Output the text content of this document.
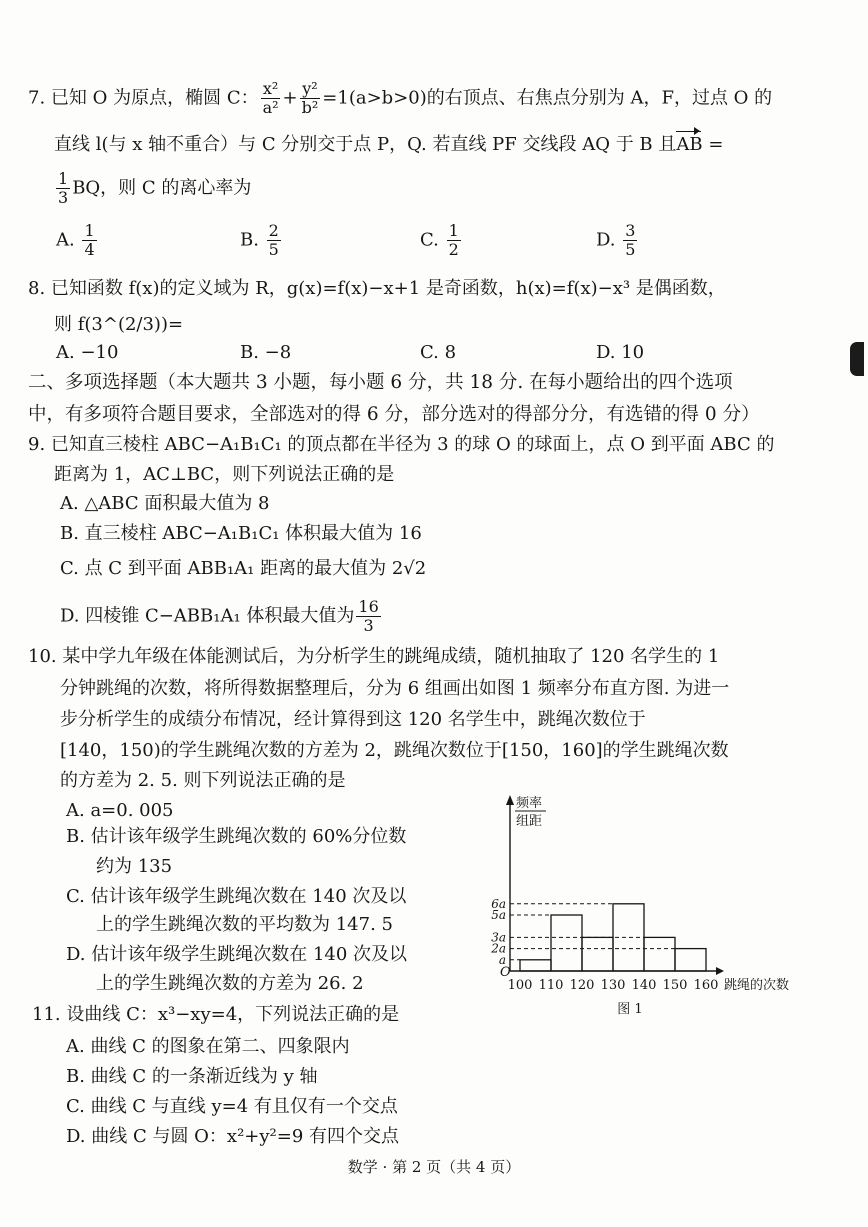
7. 已知 O 为原点，椭圆 C： $\frac{\text{x²}}{\text{a²}} + \frac{\text{y²}}{\text{b²}} =1(a>b>0)$的右顶点、右焦点分别为 A，F，过点 O 的
直线 l(与 x 轴不重合）与 C 分别交于点 P，Q. 若直线 PF 交线段 AQ 于 B 且AB =
$\frac{1}{3}$ BQ，则 C 的离心率为
A. $\frac{1}{4}$	B. $\frac{2}{5}$	C. $\frac{1}{2}$	D. $\frac{3}{5}$
8. 已知函数 f(x)的定义域为 R，g(x)=f(x)−x+1 是奇函数，h(x)=f(x)−x³ 是偶函数，
则 f(3^(2/3))=
A. −10	B. −8	C. 8	D. 10
二、多项选择题（本大题共 3 小题，每小题 6 分，共 18 分. 在每小题给出的四个选项
中，有多项符合题目要求，全部选对的得 6 分，部分选对的得部分分，有选错的得 0 分）
9. 已知直三棱柱 ABC−A₁B₁C₁ 的顶点都在半径为 3 的球 O 的球面上，点 O 到平面 ABC 的
距离为 1，AC⊥BC，则下列说法正确的是
A. △ABC 面积最大值为 8
B. 直三棱柱 ABC−A₁B₁C₁ 体积最大值为 16
C. 点 C 到平面 ABB₁A₁ 距离的最大值为 2√2
D. 四棱锥 C−ABB₁A₁ 体积最大值为 $\frac{16}{3}$
10. 某中学九年级在体能测试后，为分析学生的跳绳成绩，随机抽取了 120 名学生的 1
分钟跳绳的次数，将所得数据整理后，分为 6 组画出如图 1 频率分布直方图. 为进一
步分析学生的成绩分布情况，经计算得到这 120 名学生中，跳绳次数位于
[140，150)的学生跳绳次数的方差为 2，跳绳次数位于[150，160]的学生跳绳次数
的方差为 2. 5. 则下列说法正确的是
A. a=0. 005
B. 估计该年级学生跳绳次数的 60%分位数
约为 135
C. 估计该年级学生跳绳次数在 140 次及以
上的学生跳绳次数的平均数为 147. 5
D. 估计该年级学生跳绳次数在 140 次及以
上的学生跳绳次数的方差为 26. 2
频率
组距
a
2a
3a
5a
6a
O
100 110 120 130 140 150 160 跳绳的次数
图 1
11. 设曲线 C：x³−xy=4，下列说法正确的是
A. 曲线 C 的图象在第二、四象限内
B. 曲线 C 的一条渐近线为 y 轴
C. 曲线 C 与直线 y=4 有且仅有一个交点
D. 曲线 C 与圆 O：x²+y²=9 有四个交点
数学 · 第 2 页（共 4 页）
